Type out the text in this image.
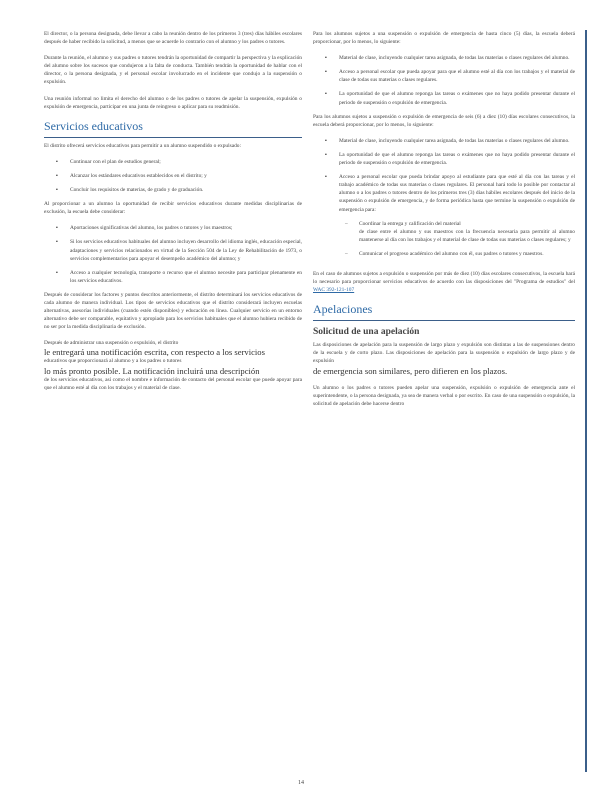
El director, o la persona designada, debe llevar a cabo la reunión dentro de los primeros 3 (tres) días hábiles escolares después de haber recibido la solicitud, a menos que se acuerde lo contrario con el alumno y los padres o tutores.

Durante la reunión, el alumno y sus padres o tutores tendrán la oportunidad de compartir la perspectiva y la explicación del alumno sobre los sucesos que condujeron a la falta de conducta. También tendrán la oportunidad de hablar con el director, o la persona designada, y el personal escolar involucrado en el incidente que condujo a la suspensión o expulsión.

Una reunión informal no limita el derecho del alumno o de los padres o tutores de apelar la suspensión, expulsión o expulsión de emergencia, participar en una junta de reingreso o aplicar para su readmisión.

Servicios educativos

El distrito ofrecerá servicios educativos para permitir a un alumno suspendido o expulsado:

▪	Continuar con el plan de estudios general;

▪	Alcanzar los estándares educativos establecidos en el distrito; y

▪	Concluir los requisitos de materias, de grado y de graduación.

Al proporcionar a un alumno la oportunidad de recibir servicios educativos durante medidas disciplinarias de exclusión, la escuela debe considerar:

▪	Aportaciones significativas del alumno, los padres o tutores y los maestros;

▪	Si los servicios educativos habituales del alumno incluyen desarrollo del idioma inglés, educación especial, adaptaciones y servicios relacionados en virtud de la Sección 504 de la Ley de Rehabilitación de 1973, o servicios complementarios para apoyar el desempeño académico del alumno; y

▪	Acceso a cualquier tecnología, transporte o recurso que el alumno necesite para participar plenamente en los servicios educativos.

Después de considerar los factores y puntos descritos anteriormente, el distrito determinará los servicios educativos de cada alumno de manera individual. Los tipos de servicios educativos que el distrito considerará incluyen escuelas alternativas, asesorías individuales (cuando estén disponibles) y educación en línea. Cualquier servicio en un entorno alternativo debe ser comparable, equitativo y apropiado para los servicios habituales que el alumno hubiera recibido de no ser por la medida disciplinaria de exclusión.

Después de administrar una suspensión o expulsión, el distrito

le entregará una notificación escrita, con respecto a los servicios

educativos que proporcionará al alumno y a los padres o tutores

lo más pronto posible. La notificación incluirá una descripción

de los servicios educativos, así como el nombre e información de contacto del personal escolar que puede apoyar para que el alumno esté al día con los trabajos y el material de clase.

Para los alumnos sujetos a una suspensión o expulsión de emergencia de hasta cinco (5) días, la escuela deberá proporcionar, por lo menos, lo siguiente:

▪	Material de clase, incluyendo cualquier tarea asignada, de todas las materias o clases regulares del alumno.

▪	Acceso a personal escolar que pueda apoyar para que el alumno esté al día con los trabajos y el material de clase de todas sus materias o clases regulares.

▪	La oportunidad de que el alumno reponga las tareas o exámenes que no haya podido presentar durante el periodo de suspensión o expulsión de emergencia.

Para los alumnos sujetos a suspensión o expulsión de emergencia de seis (6) a diez (10) días escolares consecutivos, la escuela deberá proporcionar, por lo menos, lo siguiente:

▪	Material de clase, incluyendo cualquier tarea asignada, de todas las materias o clases regulares del alumno.

▪	La oportunidad de que el alumno reponga las tareas o exámenes que no haya podido presentar durante el periodo de suspensión o expulsión de emergencia.

▪	Acceso a personal escolar que pueda brindar apoyo al estudiante para que esté al día con las tareas y el trabajo académico de todas sus materias o clases regulares. El personal hará todo lo posible por contactar al alumno o a los padres o tutores dentro de los primeros tres (3) días hábiles escolares después del inicio de la suspensión o expulsión de emergencia, y de forma periódica hasta que termine la suspensión o expulsión de emergencia para:

–	Coordinar la entrega y calificación del material

de clase entre el alumno y sus maestros con la frecuencia necesaria para permitir al alumno mantenerse al día con los trabajos y el material de clase de todas sus materias o clases regulares; y

–	Comunicar el progreso académico del alumno con él, sus padres o tutores y maestros.

En el caso de alumnos sujetos a expulsión o suspensión por más de diez (10) días escolares consecutivos, la escuela hará lo necesario para proporcionar servicios educativos de acuerdo con las disposiciones del "Programa de estudios" del WAC 392-121-107

Apelaciones
Solicitud de una apelación

Las disposiciones de apelación para la suspensión de largo plazo y expulsión son distintas a las de suspensiones dentro de la escuela y de corto plazo. Las disposiciones de apelación para la suspensión o expulsión de largo plazo y de expulsión

de emergencia son similares, pero difieren en los plazos.

Un alumno o los padres o tutores pueden apelar una suspensión, expulsión o expulsión de emergencia ante el superintendente, o la persona designada, ya sea de manera verbal o por escrito. En caso de una suspensión o expulsión, la solicitud de apelación debe hacerse dentro

14
